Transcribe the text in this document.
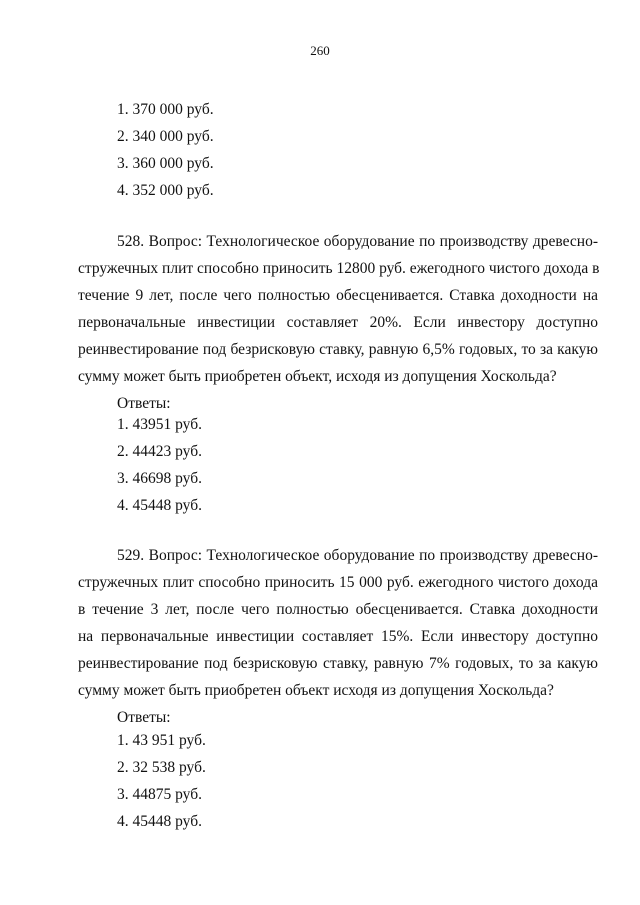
260
1. 370 000 руб.
2. 340 000 руб.
3. 360 000 руб.
4. 352 000 руб.
528. Вопрос: Технологическое оборудование по производству древесно-
стружечных плит способно приносить 12800 руб. ежегодного чистого дохода в
течение 9 лет, после чего полностью обесценивается. Ставка доходности на
первоначальные инвестиции составляет 20%. Если инвестору доступно
реинвестирование под безрисковую ставку, равную 6,5% годовых, то за какую
сумму может быть приобретен объект, исходя из допущения Хоскольда?
Ответы:
1. 43951 руб.
2. 44423 руб.
3. 46698 руб.
4. 45448 руб.
529. Вопрос: Технологическое оборудование по производству древесно-
стружечных плит способно приносить 15 000 руб. ежегодного чистого дохода
в течение 3 лет, после чего полностью обесценивается. Ставка доходности
на первоначальные инвестиции составляет 15%. Если инвестору доступно
реинвестирование под безрисковую ставку, равную 7% годовых, то за какую
сумму может быть приобретен объект исходя из допущения Хоскольда?
Ответы:
1. 43 951 руб.
2. 32 538 руб.
3. 44875 руб.
4. 45448 руб.
